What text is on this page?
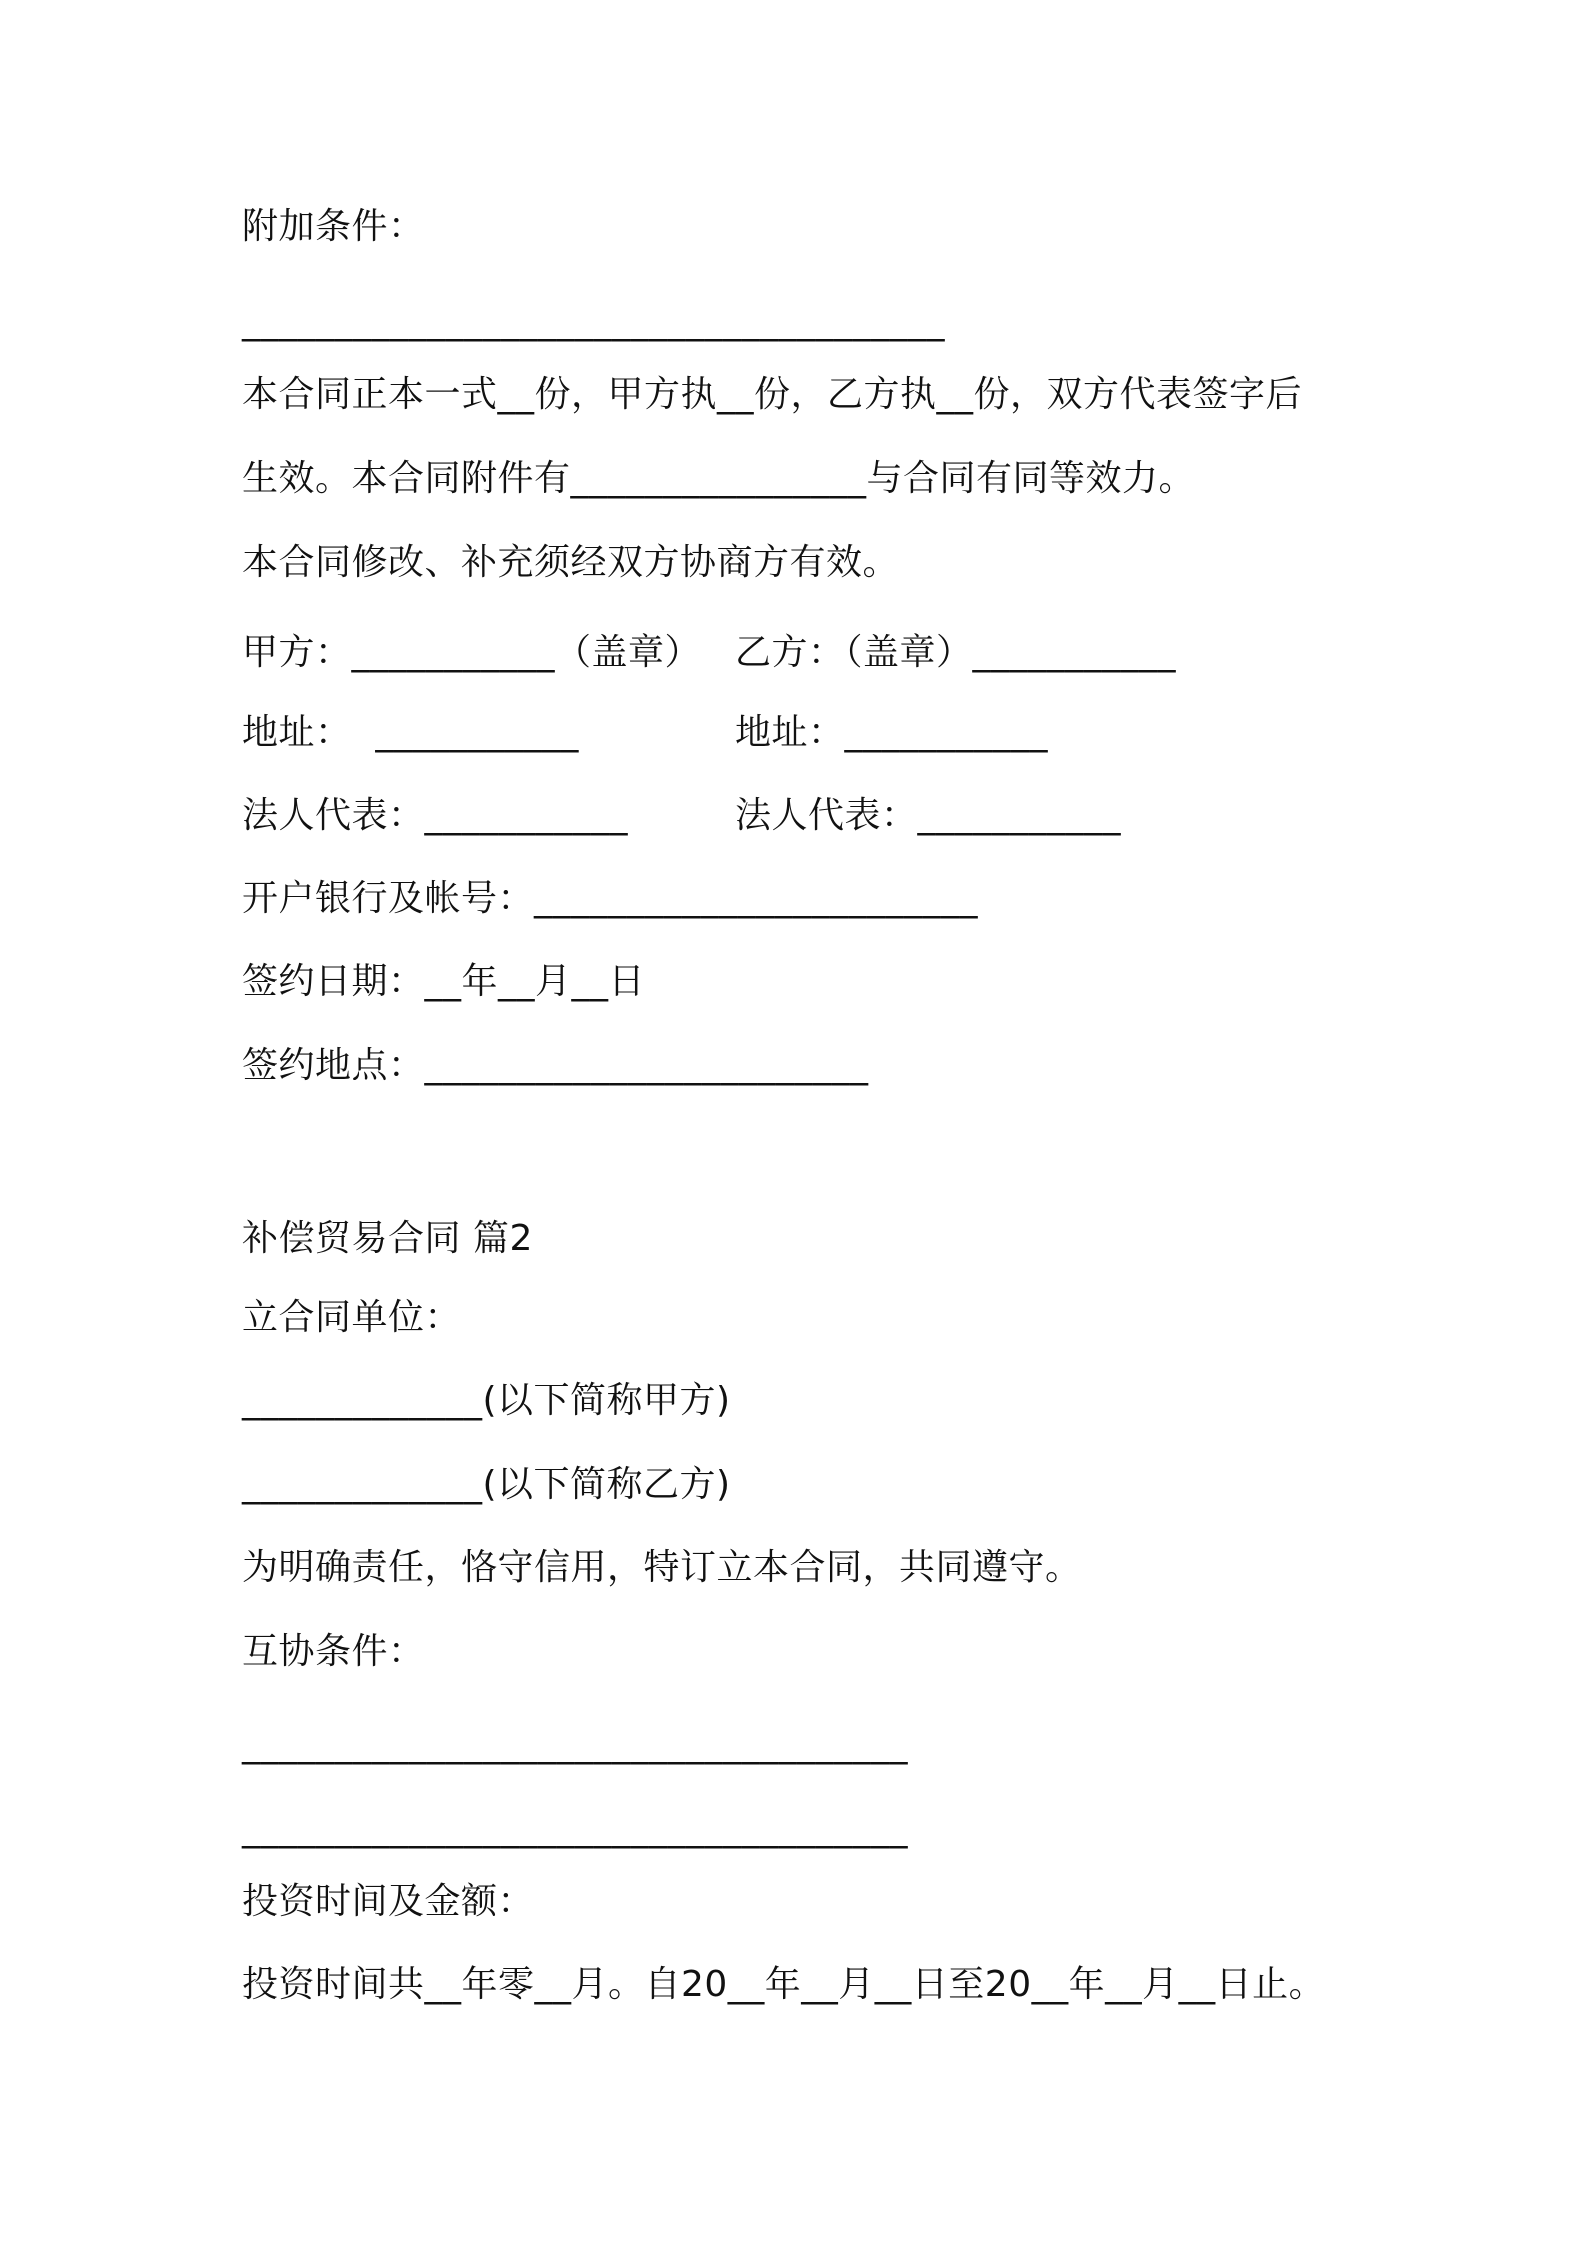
附加条件：
______________________________________
本合同正本一式__份，甲方执__份，乙方执__份，双方代表签字后
生效。本合同附件有________________与合同有同等效力。
本合同修改、补充须经双方协商方有效。
甲方：___________（盖章） 乙方：（盖章）___________
地址：  ___________	地址：___________
法人代表：___________	法人代表：___________
开户银行及帐号：________________________
签约日期：__年__月__日
签约地点：________________________
补偿贸易合同 篇2
立合同单位：
_____________(以下简称甲方)
_____________(以下简称乙方)
为明确责任，恪守信用，特订立本合同，共同遵守。
互协条件：
____________________________________
____________________________________
投资时间及金额：
投资时间共__年零__月。自20__年__月__日至20__年__月__日止。
